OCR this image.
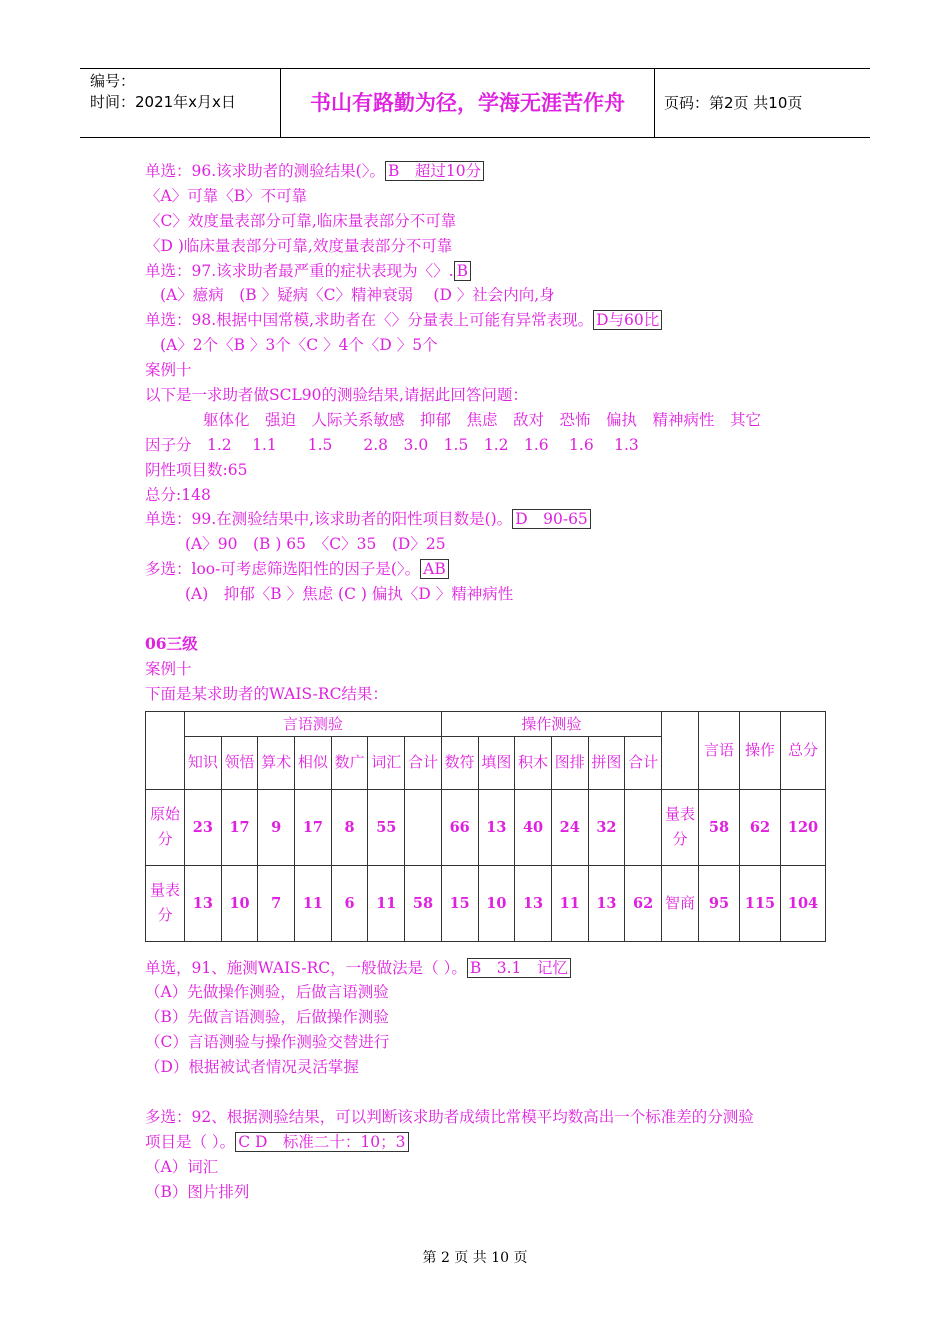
编号：
时间：2021年x月x日	书山有路勤为径，学海无涯苦作舟	页码：第2页 共10页
单选：96.该求助者的测验结果(〉。 B　超过10分
〈A〉可靠〈B〉不可靠
〈C〉效度量表部分可靠,临床量表部分不可靠
〈D )临床量表部分可靠,效度量表部分不可靠
单选：97.该求助者最严重的症状表现为〈〉. B
(A〉癔病　(B 〉疑病〈C〉精神衰弱　 (D 〉社会内向,身
单选：98.根据中国常模,求助者在〈〉分量表上可能有异常表现。 D与60比
(A〉2个〈B 〉3个〈C 〉4个〈D 〉5个
案例十
以下是一求助者做SCL90的测验结果,请据此回答问题：
躯体化　强迫　人际关系敏感　抑郁　焦虑　敌对　恐怖　偏执　精神病性　其它
因子分　1.2　 1.1　　1.5　　2.8　3.0　1.5　1.2　1.6　 1.6　 1.3
阴性项目数:65
总分:148
单选：99.在测验结果中,该求助者的阳性项目数是()。 D　90-65
(A〉90　(B ) 65　〈C〉35　(D〉25
多选：loo-可考虑筛选阳性的因子是(〉。 AB
(A)　抑郁〈B 〉焦虑 (C ) 偏执〈D 〉精神病性
06三级
案例十
下面是某求助者的WAIS-RC结果：
	言语测验							操作测验							言语	操作	总分
	知识	领悟	算术	相似	数广	词汇	合计	数符	填图	积木	图排	拼图	合计				
原始分	23	17	9	17	8	55		66	13	40	24	32		量表分	58	62	120
量表分	13	10	7	11	6	11	58	15	10	13	11	13	62	智商	95	115	104
单选，91、施测WAIS-RC，一般做法是（ ）。 B　3.1　记忆
（A）先做操作测验，后做言语测验
（B）先做言语测验，后做操作测验
（C）言语测验与操作测验交替进行
（D）根据被试者情况灵活掌握
多选：92、根据测验结果，可以判断该求助者成绩比常模平均数高出一个标准差的分测验
项目是（ ）。 C D　标准二十：10；3
（A）词汇
（B）图片排列
第 2 页 共 10 页
